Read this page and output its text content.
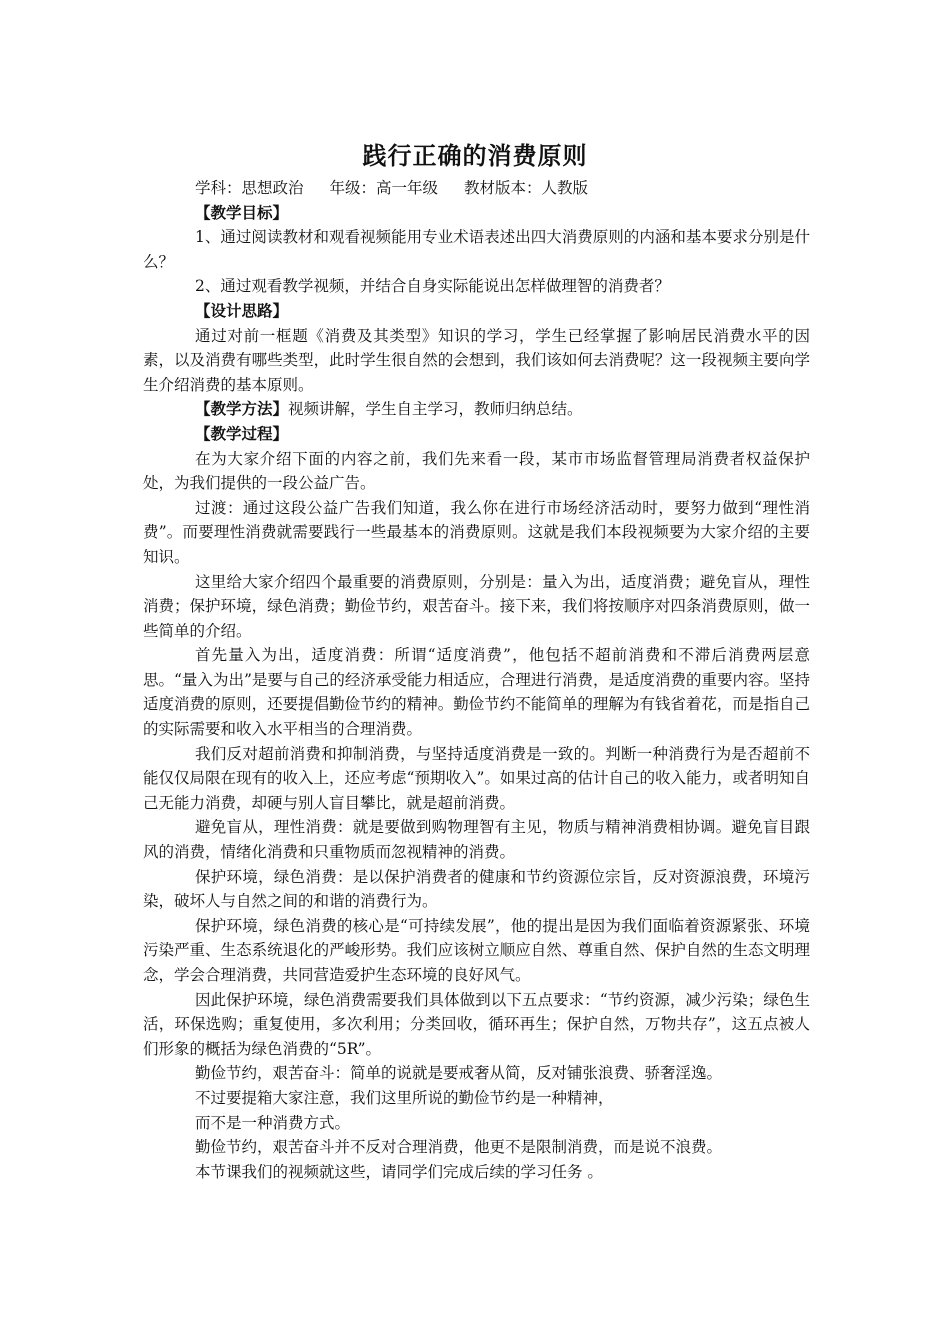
践行正确的消费原则

学科：思想政治 年级：高一年级 教材版本：人教版

【教学目标】

1、通过阅读教材和观看视频能用专业术语表述出四大消费原则的内涵和基本要求分别是什么？

2、通过观看教学视频，并结合自身实际能说出怎样做理智的消费者？

【设计思路】

通过对前一框题《消费及其类型》知识的学习，学生已经掌握了影响居民消费水平的因素，以及消费有哪些类型，此时学生很自然的会想到，我们该如何去消费呢？这一段视频主要向学生介绍消费的基本原则。

【教学方法】视频讲解，学生自主学习，教师归纳总结。

【教学过程】

在为大家介绍下面的内容之前，我们先来看一段，某市市场监督管理局消费者权益保护处，为我们提供的一段公益广告。

过渡：通过这段公益广告我们知道，我么你在进行市场经济活动时，要努力做到“理性消费”。而要理性消费就需要践行一些最基本的消费原则。这就是我们本段视频要为大家介绍的主要知识。

这里给大家介绍四个最重要的消费原则，分别是：量入为出，适度消费；避免盲从，理性消费；保护环境，绿色消费；勤俭节约，艰苦奋斗。接下来，我们将按顺序对四条消费原则，做一些简单的介绍。

首先量入为出，适度消费：所谓“适度消费”，他包括不超前消费和不滞后消费两层意思。“量入为出”是要与自己的经济承受能力相适应，合理进行消费，是适度消费的重要内容。坚持适度消费的原则，还要提倡勤俭节约的精神。勤俭节约不能简单的理解为有钱省着花，而是指自己的实际需要和收入水平相当的合理消费。

我们反对超前消费和抑制消费，与坚持适度消费是一致的。判断一种消费行为是否超前不能仅仅局限在现有的收入上，还应考虑“预期收入”。如果过高的估计自己的收入能力，或者明知自己无能力消费，却硬与别人盲目攀比，就是超前消费。

避免盲从，理性消费：就是要做到购物理智有主见，物质与精神消费相协调。避免盲目跟风的消费，情绪化消费和只重物质而忽视精神的消费。

保护环境，绿色消费：是以保护消费者的健康和节约资源位宗旨，反对资源浪费，环境污染，破坏人与自然之间的和谐的消费行为。

保护环境，绿色消费的核心是“可持续发展”，他的提出是因为我们面临着资源紧张、环境污染严重、生态系统退化的严峻形势。我们应该树立顺应自然、尊重自然、保护自然的生态文明理念，学会合理消费，共同营造爱护生态环境的良好风气。

因此保护环境，绿色消费需要我们具体做到以下五点要求：“节约资源，减少污染；绿色生活，环保选购；重复使用，多次利用；分类回收，循环再生；保护自然，万物共存”，这五点被人们形象的概括为绿色消费的“5R”。

勤俭节约，艰苦奋斗：简单的说就是要戒奢从简，反对铺张浪费、骄奢淫逸。

不过要提箱大家注意，我们这里所说的勤俭节约是一种精神，

而不是一种消费方式。

勤俭节约，艰苦奋斗并不反对合理消费，他更不是限制消费，而是说不浪费。

本节课我们的视频就这些，请同学们完成后续的学习任务 。
